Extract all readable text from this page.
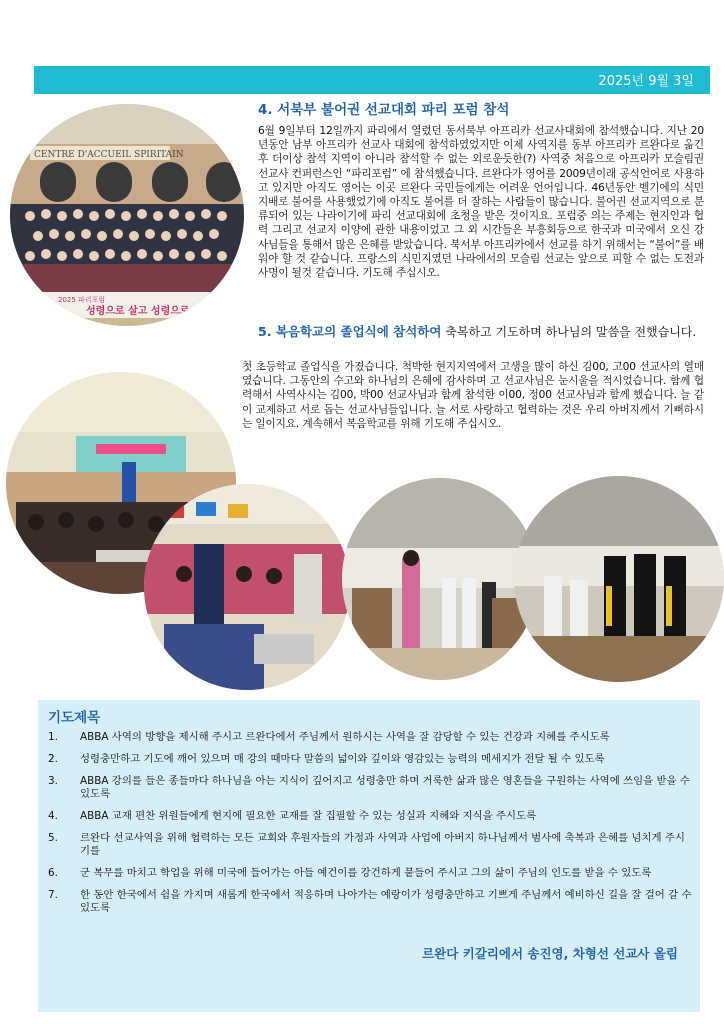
2025년 9월 3일
CENTRE D'ACCUEIL SPIRITAIN
2025 파리포럼
성령으로 살고 성령으로 행하라
4. 서북부 불어권 선교대회 파리 포럼 참석
6월 9일부터 12일까지 파리에서 열렸던 동서북부 아프리카 선교사대회에 참석했습니다. 지난 20년동안 남부 아프리카 선교사 대회에 참석하였었지만 이제 사역지를 동부 아프리카 르완다로 옮긴 후 더이상 참석 지역이 아니라 참석할 수 없는 외로운듯한(?) 사역중 처음으로 아프리카 모슬림권 선교사 컨퍼런스인 “파리포럼” 에 참석했습니다. 르완다가 영어를 2009년이래 공식언어로 사용하고 있지만 아직도 영어는 이곳 르완다 국민들에게는 어려운 언어입니다. 46년동안 벨기에의 식민지배로 불어를 사용했었기에 아직도 불어를 더 잘하는 사람들이 많습니다. 불어권 선교지역으로 분류되어 있는 나라이기에 파리 선교대회에 초청을 받은 것이지요. 포럼중 의는 주제는 현지인과 협력 그리고 선교지 이양에 관한 내용이었고 그 외 시간들은 부흥회등으로 한국과 미국에서 오신 강사님들을 통해서 많은 은혜를 받았습니다. 북서부 아프리카에서 선교를 하기 위해서는 “불어”를 배워야 할 것 같습니다. 프랑스의 식민지였던 나라에서의 모슬림 선교는 앞으로 피할 수 없는 도전과 사명이 될것 같습니다. 기도해 주십시오.
5. 복음학교의 졸업식에 참석하여 축복하고 기도하며 하나님의 말씀을 전했습니다.
첫 초등학교 졸업식을 가졌습니다. 척박한 현지지역에서 고생을 많이 하신 김00, 고00 선교사의 열매였습니다. 그동안의 수고와 하나님의 은혜에 감사하며 고 선교사님은 눈시울을 적시었습니다. 함께 협력해서 사역사시는 김00, 박00 선교사님과 함께 참석한 이00, 정00 선교사님과 함께 했습니다. 늘 같이 교제하고 서로 돕는 선교사님들입니다. 늘 서로 사랑하고 협력하는 것은 우리 아버지께서 기뻐하시는 일이지요. 계속해서 복음학교를 위해 기도해 주십시오.
기도제목
1. ABBA 사역의 방향을 제시해 주시고 르완다에서 주님께서 원하시는 사역을 잘 감당할 수 있는 건강과 지혜를 주시도록
2. 성령충만하고 기도에 깨어 있으며 매 강의 때마다 말씀의 넓이와 깊이와 영감있는 능력의 메세지가 전달 될 수 있도록
3. ABBA 강의를 들은 종들마다 하나님을 아는 지식이 깊어지고 성령충만 하며 거룩한 삶과 많은 영혼들을 구원하는 사역에 쓰임을 받을 수 있도록
4. ABBA 교재 편찬 위원들에게 현지에 필요한 교재를 잘 집필할 수 있는 성실과 지혜와 지식을 주시도록
5. 르완다 선교사역을 위해 협력하는 모든 교회와 후원자들의 가정과 사역과 사업에 아버지 하나님께서 범사에 축복과 은혜를 넘치게 주시기를
6. 군 복무를 마치고 학업을 위해 미국에 들어가는 아들 예건이를 강건하게 붙들어 주시고 그의 삶이 주님의 인도를 받을 수 있도록
7. 한 동안 한국에서 쉼을 가지며 새롭게 한국에서 적응하며 나아가는 예랑이가 성령충만하고 기쁘게 주님께서 예비하신 길을 잘 걸어 갈 수 있도록
르완다 키갈리에서 송진영, 차형선 선교사 올림
